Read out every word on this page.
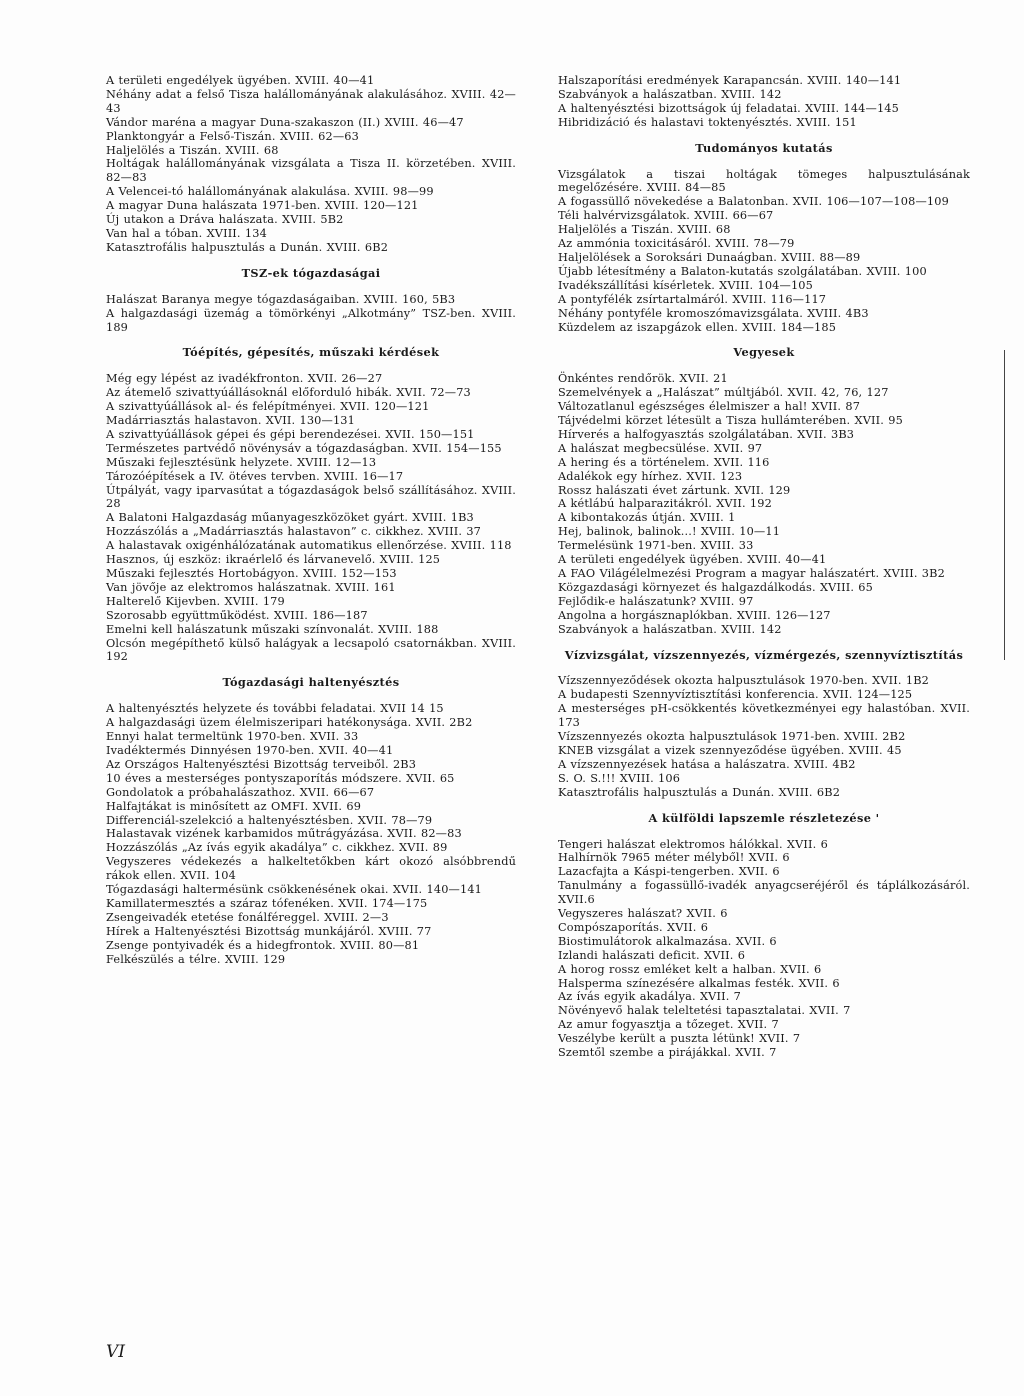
A területi engedélyek ügyében. XVIII. 40—41
Néhány adat a felső Tisza halállományának alakulásához. XVIII. 42—43
Vándor maréna a magyar Duna-szakaszon (II.) XVIII. 46—47
Planktongyár a Felső-Tiszán. XVIII. 62—63
Haljelölés a Tiszán. XVIII. 68
Holtágak halállományának vizsgálata a Tisza II. körzetében. XVIII. 82—83
A Velencei-tó halállományának alakulása. XVIII. 98—99
A magyar Duna halászata 1971-ben. XVIII. 120—121
Új utakon a Dráva halászata. XVIII. 5B2
Van hal a tóban. XVIII. 134
Katasztrofális halpusztulás a Dunán. XVIII. 6B2
TSZ-ek tógazdaságai
Halászat Baranya megye tógazdaságaiban. XVIII. 160, 5B3
A halgazdasági üzemág a tömörkényi „Alkotmány” TSZ-ben. XVIII. 189
Tóépítés, gépesítés, műszaki kérdések
Még egy lépést az ivadékfronton. XVII. 26—27
Az átemelő szivattyúállásoknál előforduló hibák. XVII. 72—73
A szivattyúállások al- és felépítményei. XVII. 120—121
Madárriasztás halastavon. XVII. 130—131
A szivattyúállások gépei és gépi berendezései. XVII. 150—151
Természetes partvédő növénysáv a tógazdaságban. XVII. 154—155
Műszaki fejlesztésünk helyzete. XVIII. 12—13
Tározóépítések a IV. ötéves tervben. XVIII. 16—17
Útpályát, vagy iparvasútat a tógazdaságok belső szállításához. XVIII. 28
A Balatoni Halgazdaság műanyageszközöket gyárt. XVIII. 1B3
Hozzászólás a „Madárriasztás halastavon” c. cikkhez. XVIII. 37
A halastavak oxigénhálózatának automatikus ellenőrzése. XVIII. 118
Hasznos, új eszköz: ikraérlelő és lárvanevelő. XVIII. 125
Műszaki fejlesztés Hortobágyon. XVIII. 152—153
Van jövője az elektromos halászatnak. XVIII. 161
Halterelő Kijevben. XVIII. 179
Szorosabb együttműködést. XVIII. 186—187
Emelni kell halászatunk műszaki színvonalát. XVIII. 188
Olcsón megépíthető külső halágyak a lecsapoló csatornákban. XVIII. 192
Tógazdasági haltenyésztés
A haltenyésztés helyzete és további feladatai. XVII 14 15
A halgazdasági üzem élelmiszeripari hatékonysága. XVII. 2B2
Ennyi halat termeltünk 1970-ben. XVII. 33
Ivadéktermés Dinnyésen 1970-ben. XVII. 40—41
Az Országos Haltenyésztési Bizottság terveiből. 2B3
10 éves a mesterséges pontyszaporítás módszere. XVII. 65
Gondolatok a próbahalászathoz. XVII. 66—67
Halfajtákat is minősített az OMFI. XVII. 69
Differenciál-szelekció a haltenyésztésben. XVII. 78—79
Halastavak vizének karbamidos műtrágyázása. XVII. 82—83
Hozzászólás „Az ívás egyik akadálya” c. cikkhez. XVII. 89
Vegyszeres védekezés a halkeltetőkben kárt okozó alsóbbrendű rákok ellen. XVII. 104
Tógazdasági haltermésünk csökkenésének okai. XVII. 140—141
Kamillatermesztés a száraz tófenéken. XVII. 174—175
Zsengeivadék etetése fonálféreggel. XVIII. 2—3
Hírek a Haltenyésztési Bizottság munkájáról. XVIII. 77
Zsenge pontyivadék és a hidegfrontok. XVIII. 80—81
Felkészülés a télre. XVIII. 129
Halszaporítási eredmények Karapancsán. XVIII. 140—141
Szabványok a halászatban. XVIII. 142
A haltenyésztési bizottságok új feladatai. XVIII. 144—145
Hibridizáció és halastavi toktenyésztés. XVIII. 151
Tudományos kutatás
Vizsgálatok a tiszai holtágak tömeges halpusztulásának megelőzésére. XVIII. 84—85
A fogassüllő növekedése a Balatonban. XVII. 106—107—108—109
Téli halvérvizsgálatok. XVIII. 66—67
Haljelölés a Tiszán. XVIII. 68
Az ammónia toxicitásáról. XVIII. 78—79
Haljelölések a Soroksári Dunaágban. XVIII. 88—89
Újabb létesítmény a Balaton-kutatás szolgálatában. XVIII. 100
Ivadékszállítási kísérletek. XVIII. 104—105
A pontyfélék zsírtartalmáról. XVIII. 116—117
Néhány pontyféle kromoszómavizsgálata. XVIII. 4B3
Küzdelem az iszapgázok ellen. XVIII. 184—185
Vegyesek
Önkéntes rendőrök. XVII. 21
Szemelvények a „Halászat” múltjából. XVII. 42, 76, 127
Változatlanul egészséges élelmiszer a hal! XVII. 87
Tájvédelmi körzet létesült a Tisza hullámterében. XVII. 95
Hírverés a halfogyasztás szolgálatában. XVII. 3B3
A halászat megbecsülése. XVII. 97
A hering és a történelem. XVII. 116
Adalékok egy hírhez. XVII. 123
Rossz halászati évet zártunk. XVII. 129
A kétlábú halparazitákról. XVII. 192
A kibontakozás útján. XVIII. 1
Hej, balinok, balinok...! XVIII. 10—11
Termelésünk 1971-ben. XVIII. 33
A területi engedélyek ügyében. XVIII. 40—41
A FAO Világélelmezési Program a magyar halászatért. XVIII. 3B2
Közgazdasági környezet és halgazdálkodás. XVIII. 65
Fejlődik-e halászatunk? XVIII. 97
Angolna a horgásznaplókban. XVIII. 126—127
Szabványok a halászatban. XVIII. 142
Vízvizsgálat, vízszennyezés, vízmérgezés, szennyvíztisztítás
Vízszennyeződések okozta halpusztulások 1970-ben. XVII. 1B2
A budapesti Szennyvíztisztítási konferencia. XVII. 124—125
A mesterséges pH-csökkentés következményei egy halastóban. XVII. 173
Vízszennyezés okozta halpusztulások 1971-ben. XVIII. 2B2
KNEB vizsgálat a vizek szennyeződése ügyében. XVIII. 45
A vízszennyezések hatása a halászatra. XVIII. 4B2
S. O. S.!!! XVIII. 106
Katasztrofális halpusztulás a Dunán. XVIII. 6B2
A külföldi lapszemle részletezése '
Tengeri halászat elektromos hálókkal. XVII. 6
Halhírnök 7965 méter mélyből! XVII. 6
Lazacfajta a Káspi-tengerben. XVII. 6
Tanulmány a fogassüllő-ivadék anyagcseréjéről és táplálkozásáról. XVII.6
Vegyszeres halászat? XVII. 6
Compószaporítás. XVII. 6
Biostimulátorok alkalmazása. XVII. 6
Izlandi halászati deficit. XVII. 6
A horog rossz emléket kelt a halban. XVII. 6
Halsperma színezésére alkalmas festék. XVII. 6
Az ívás egyik akadálya. XVII. 7
Növényevő halak teleltetési tapasztalatai. XVII. 7
Az amur fogyasztja a tőzeget. XVII. 7
Veszélybe került a puszta létünk! XVII. 7
Szemtől szembe a pirájákkal. XVII. 7
VI
